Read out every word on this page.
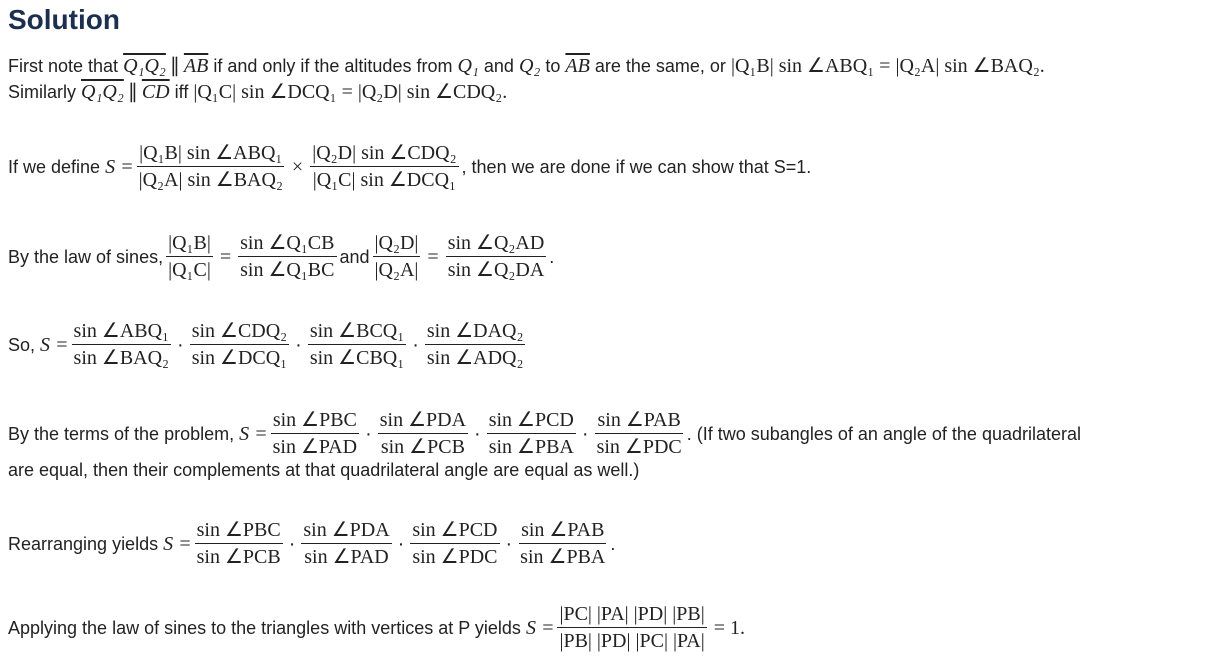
Solution
First note that
Q₁Q₂ ∥ $\overline{AB}$
if and only if the altitudes from
Q₁
and
Q₂
to
$\overline{AB}$
are the same, or
|Q₁B| sin ∠ABQ₁ = |Q₂A| sin ∠BAQ₂.
Similarly
Q₁Q₂ ∥ $\overline{CD}$
iff
|Q₁C| sin ∠DCQ₁ = |Q₂D| sin ∠CDQ₂.
If we define
$S = \frac{\text{|Q₁B| sin ∠ABQ₁}}{\text{|Q₂A| sin ∠BAQ₂}} \times \frac{\text{|Q₂D| sin ∠CDQ₂}}{\text{|Q₁C| sin ∠DCQ₁}}$ , then we are done if we can show that S=1.
By the law of sines, $\frac{\text{|Q₁B|}}{\text{|Q₁C|}} = \frac{\text{sin ∠Q₁CB}}{\text{sin ∠Q₁BC}}$ and $\frac{\text{|Q₂D|}}{\text{|Q₂A|}} = \frac{\text{sin ∠Q₂AD}}{\text{sin ∠Q₂DA}}$ .
So,
$S = \frac{\text{sin ∠ABQ₁}}{\text{sin ∠BAQ₂}} \cdot \frac{\text{sin ∠CDQ₂}}{\text{sin ∠DCQ₁}} \cdot \frac{\text{sin ∠BCQ₁}}{\text{sin ∠CBQ₁}} \cdot \frac{\text{sin ∠DAQ₂}}{\text{sin ∠ADQ₂}}$
By the terms of the problem,
$S = \frac{\text{sin ∠PBC}}{\text{sin ∠PAD}} \cdot \frac{\text{sin ∠PDA}}{\text{sin ∠PCB}} \cdot \frac{\text{sin ∠PCD}}{\text{sin ∠PBA}} \cdot \frac{\text{sin ∠PAB}}{\text{sin ∠PDC}}$ . (If two subangles of an angle of the quadrilateral
are equal, then their complements at that quadrilateral angle are equal as well.)
Rearranging yields
$S = \frac{\text{sin ∠PBC}}{\text{sin ∠PCB}} \cdot \frac{\text{sin ∠PDA}}{\text{sin ∠PAD}} \cdot \frac{\text{sin ∠PCD}}{\text{sin ∠PDC}} \cdot \frac{\text{sin ∠PAB}}{\text{sin ∠PBA}}$ .
Applying the law of sines to the triangles with vertices at P yields
$S = \frac{|PC| |PA| |PD| |PB|}{|PB| |PD| |PC| |PA|} = 1$.
